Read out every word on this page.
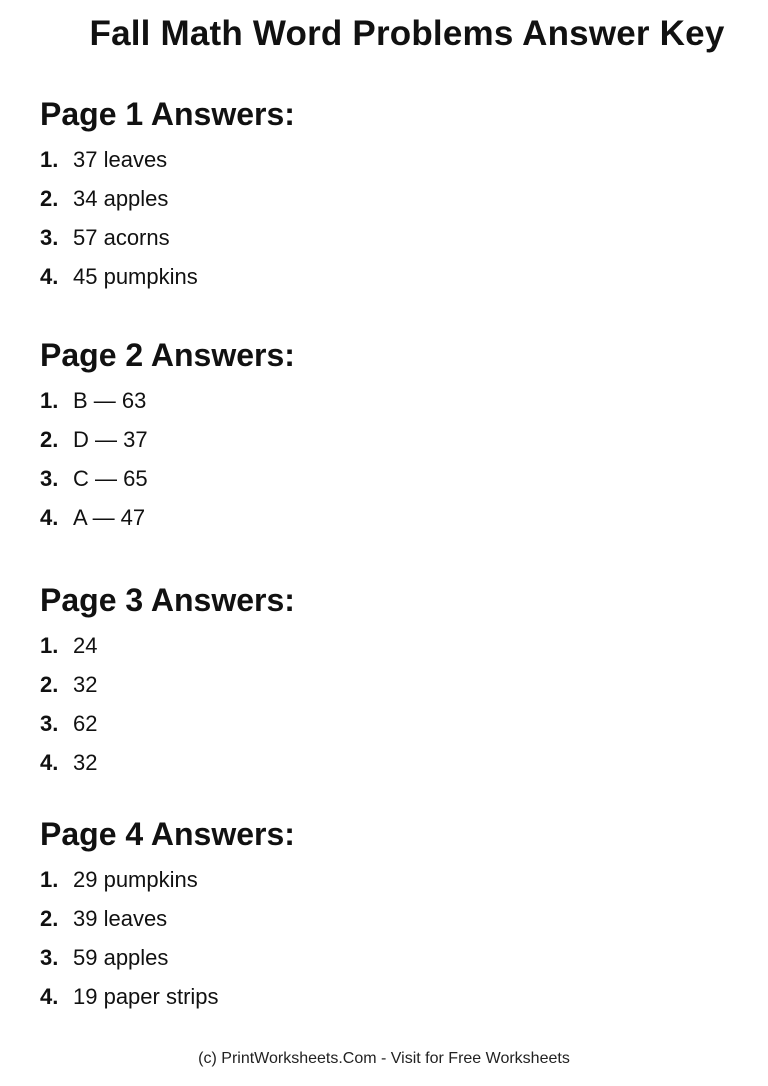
Fall Math Word Problems Answer Key
Page 1 Answers:
1. 37 leaves
2. 34 apples
3. 57 acorns
4. 45 pumpkins
Page 2 Answers:
1. B — 63
2. D — 37
3. C — 65
4. A — 47
Page 3 Answers:
1. 24
2. 32
3. 62
4. 32
Page 4 Answers:
1. 29 pumpkins
2. 39 leaves
3. 59 apples
4. 19 paper strips
(c) PrintWorksheets.Com - Visit for Free Worksheets
